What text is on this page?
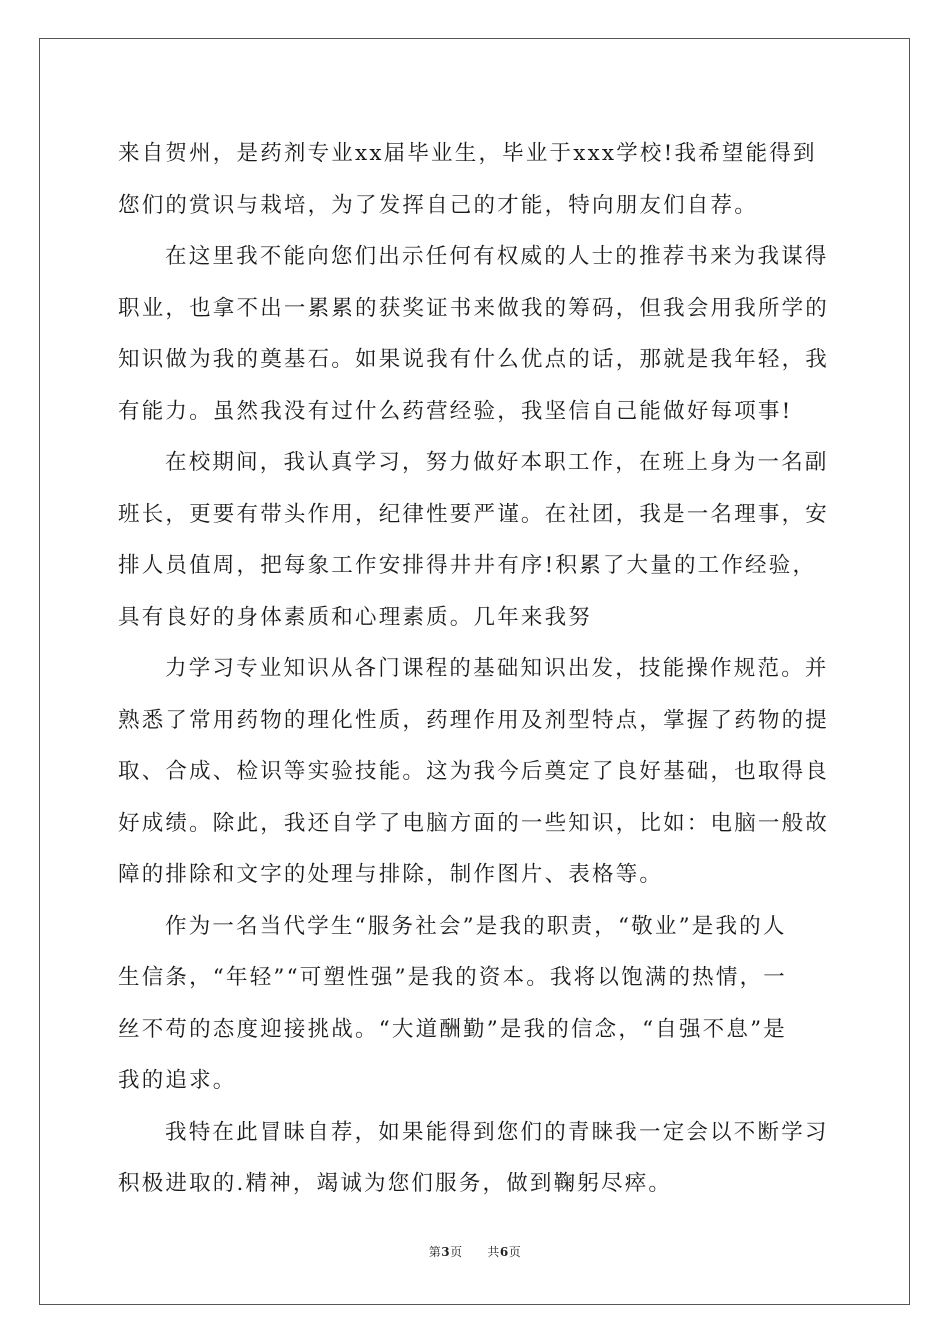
来自贺州，是药剂专业xx届毕业生，毕业于xxx学校!我希望能得到
您们的赏识与栽培，为了发挥自己的才能，特向朋友们自荐。
在这里我不能向您们出示任何有权威的人士的推荐书来为我谋得
职业，也拿不出一累累的获奖证书来做我的筹码，但我会用我所学的
知识做为我的奠基石。如果说我有什么优点的话，那就是我年轻，我
有能力。虽然我没有过什么药营经验，我坚信自己能做好每项事!
在校期间，我认真学习，努力做好本职工作，在班上身为一名副
班长，更要有带头作用，纪律性要严谨。在社团，我是一名理事，安
排人员值周，把每象工作安排得井井有序!积累了大量的工作经验，
具有良好的身体素质和心理素质。几年来我努
力学习专业知识从各门课程的基础知识出发，技能操作规范。并
熟悉了常用药物的理化性质，药理作用及剂型特点，掌握了药物的提
取、合成、检识等实验技能。这为我今后奠定了良好基础，也取得良
好成绩。除此，我还自学了电脑方面的一些知识，比如：电脑一般故
障的排除和文字的处理与排除，制作图片、表格等。
作为一名当代学生“服务社会”是我的职责，“敬业”是我的人
生信条，“年轻”“可塑性强”是我的资本。我将以饱满的热情，一
丝不苟的态度迎接挑战。“大道酬勤”是我的信念，“自强不息”是
我的追求。
我特在此冒昧自荐，如果能得到您们的青睐我一定会以不断学习
积极进取的.精神，竭诚为您们服务，做到鞠躬尽瘁。
第3页 共6页
